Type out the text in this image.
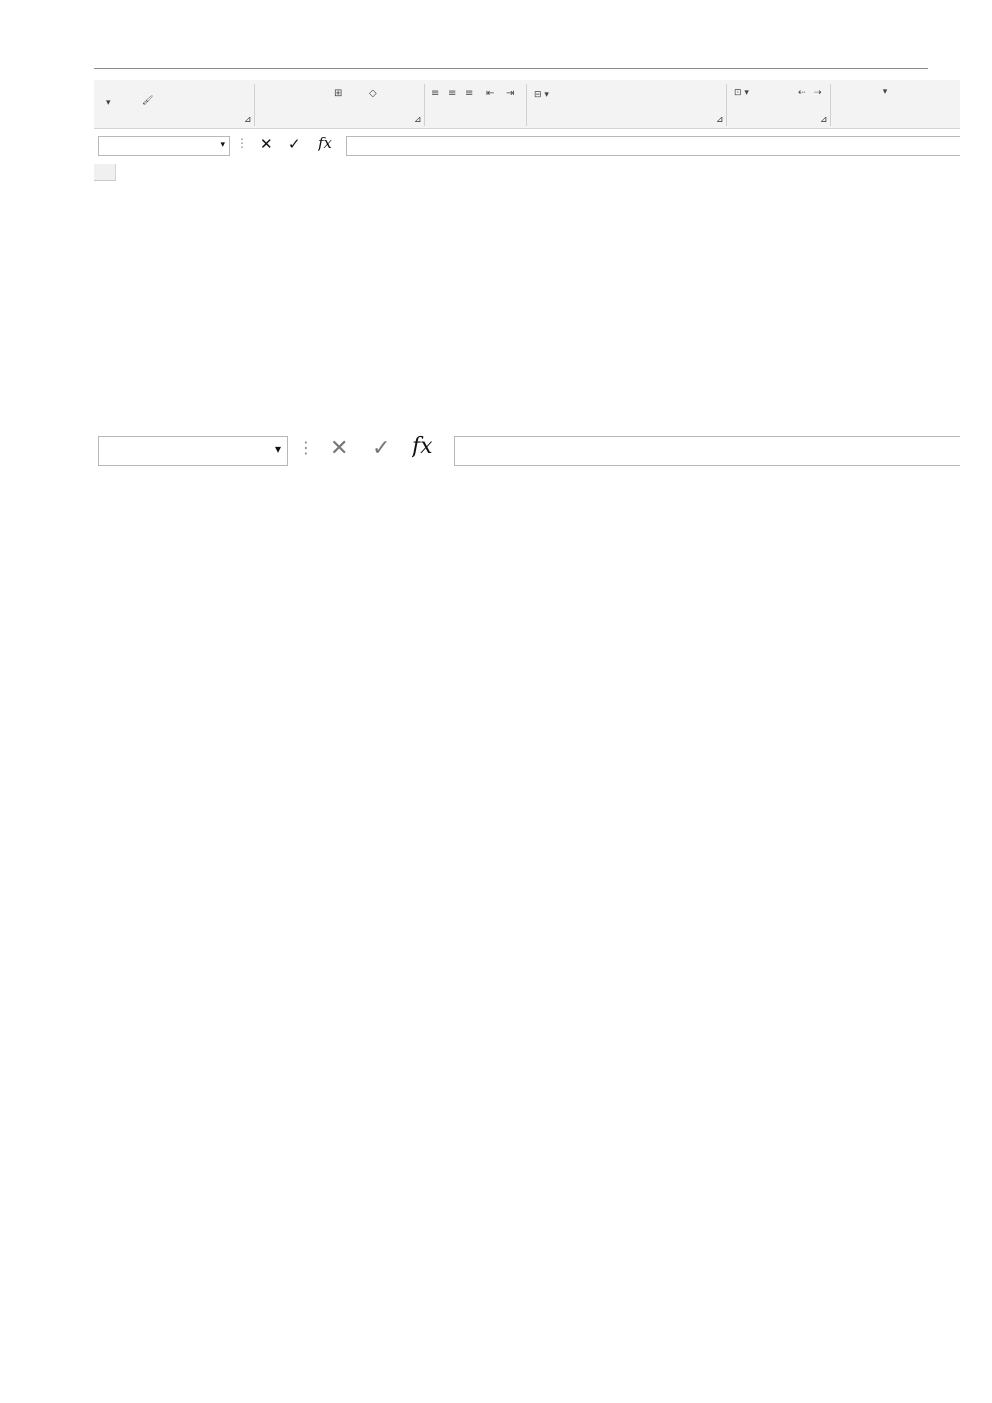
▾	🖌
⊿
⊞	◇
⊿
≡ ≡ ≡ ⇤ ⇥ ⊟ ▾
⊿
⊡ ▾	⇠ ⇢
⊿
▾
▾ ⋮ ✕ ✓ fx
▾ ⋮ ✕ ✓ fx
